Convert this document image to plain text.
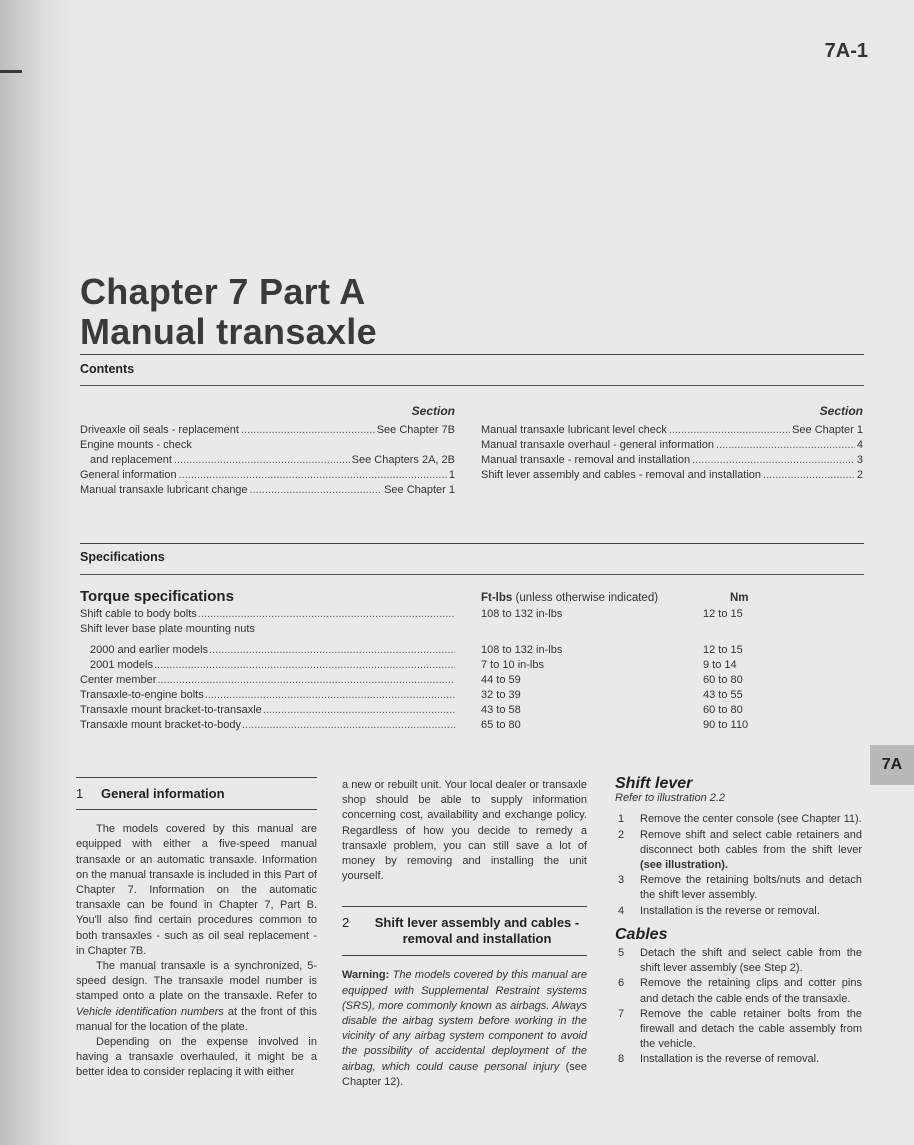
7A-1
Chapter 7 Part A
Manual transaxle
Contents
Section
Driveaxle oil seals - replacement .....	See Chapter 7B
Engine mounts - check
and replacement .....	See Chapters 2A, 2B
General information .....	1
Manual transaxle lubricant change .....	See Chapter 1
Section
Manual transaxle lubricant level check .....	See Chapter 1
Manual transaxle overhaul - general information .....	4
Manual transaxle - removal and installation .....	3
Shift lever assembly and cables - removal and installation .....	2
Specifications
Torque specifications	Ft-lbs (unless otherwise indicated)	Nm
Shift cable to body bolts .....	108 to 132 in-lbs	12 to 15
Shift lever base plate mounting nuts
2000 and earlier models .....	108 to 132 in-lbs	12 to 15
2001 models .....	7 to 10 in-lbs	9 to 14
Center member .....	44 to 59	60 to 80
Transaxle-to-engine bolts .....	32 to 39	43 to 55
Transaxle mount bracket-to-transaxle .....	43 to 58	60 to 80
Transaxle mount bracket-to-body .....	65 to 80	90 to 110
7A
1	General information

The models covered by this manual are equipped with either a five-speed manual transaxle or an automatic transaxle. Information on the manual transaxle is included in this Part of Chapter 7. Information on the automatic transaxle can be found in Chapter 7, Part B. You'll also find certain procedures common to both transaxles - such as oil seal replacement - in Chapter 7B.

The manual transaxle is a synchronized, 5-speed design. The transaxle model number is stamped onto a plate on the transaxle. Refer to Vehicle identification numbers at the front of this manual for the location of the plate.

Depending on the expense involved in having a transaxle overhauled, it might be a better idea to consider replacing it with either

a new or rebuilt unit. Your local dealer or transaxle shop should be able to supply information concerning cost, availability and exchange policy. Regardless of how you decide to remedy a transaxle problem, you can still save a lot of money by removing and installing the unit yourself.

2	Shift lever assembly and cables - removal and installation

Warning: The models covered by this manual are equipped with Supplemental Restraint systems (SRS), more commonly known as airbags. Always disable the airbag system before working in the vicinity of any airbag system component to avoid the possibility of accidental deployment of the airbag, which could cause personal injury (see Chapter 12).

Shift lever
Refer to illustration 2.2
1	Remove the center console (see Chapter 11).
2	Remove shift and select cable retainers and disconnect both cables from the shift lever (see illustration).
3	Remove the retaining bolts/nuts and detach the shift lever assembly.
4	Installation is the reverse or removal.
Cables
5	Detach the shift and select cable from the shift lever assembly (see Step 2).
6	Remove the retaining clips and cotter pins and detach the cable ends of the transaxle.
7	Remove the cable retainer bolts from the firewall and detach the cable assembly from the vehicle.
8	Installation is the reverse of removal.
